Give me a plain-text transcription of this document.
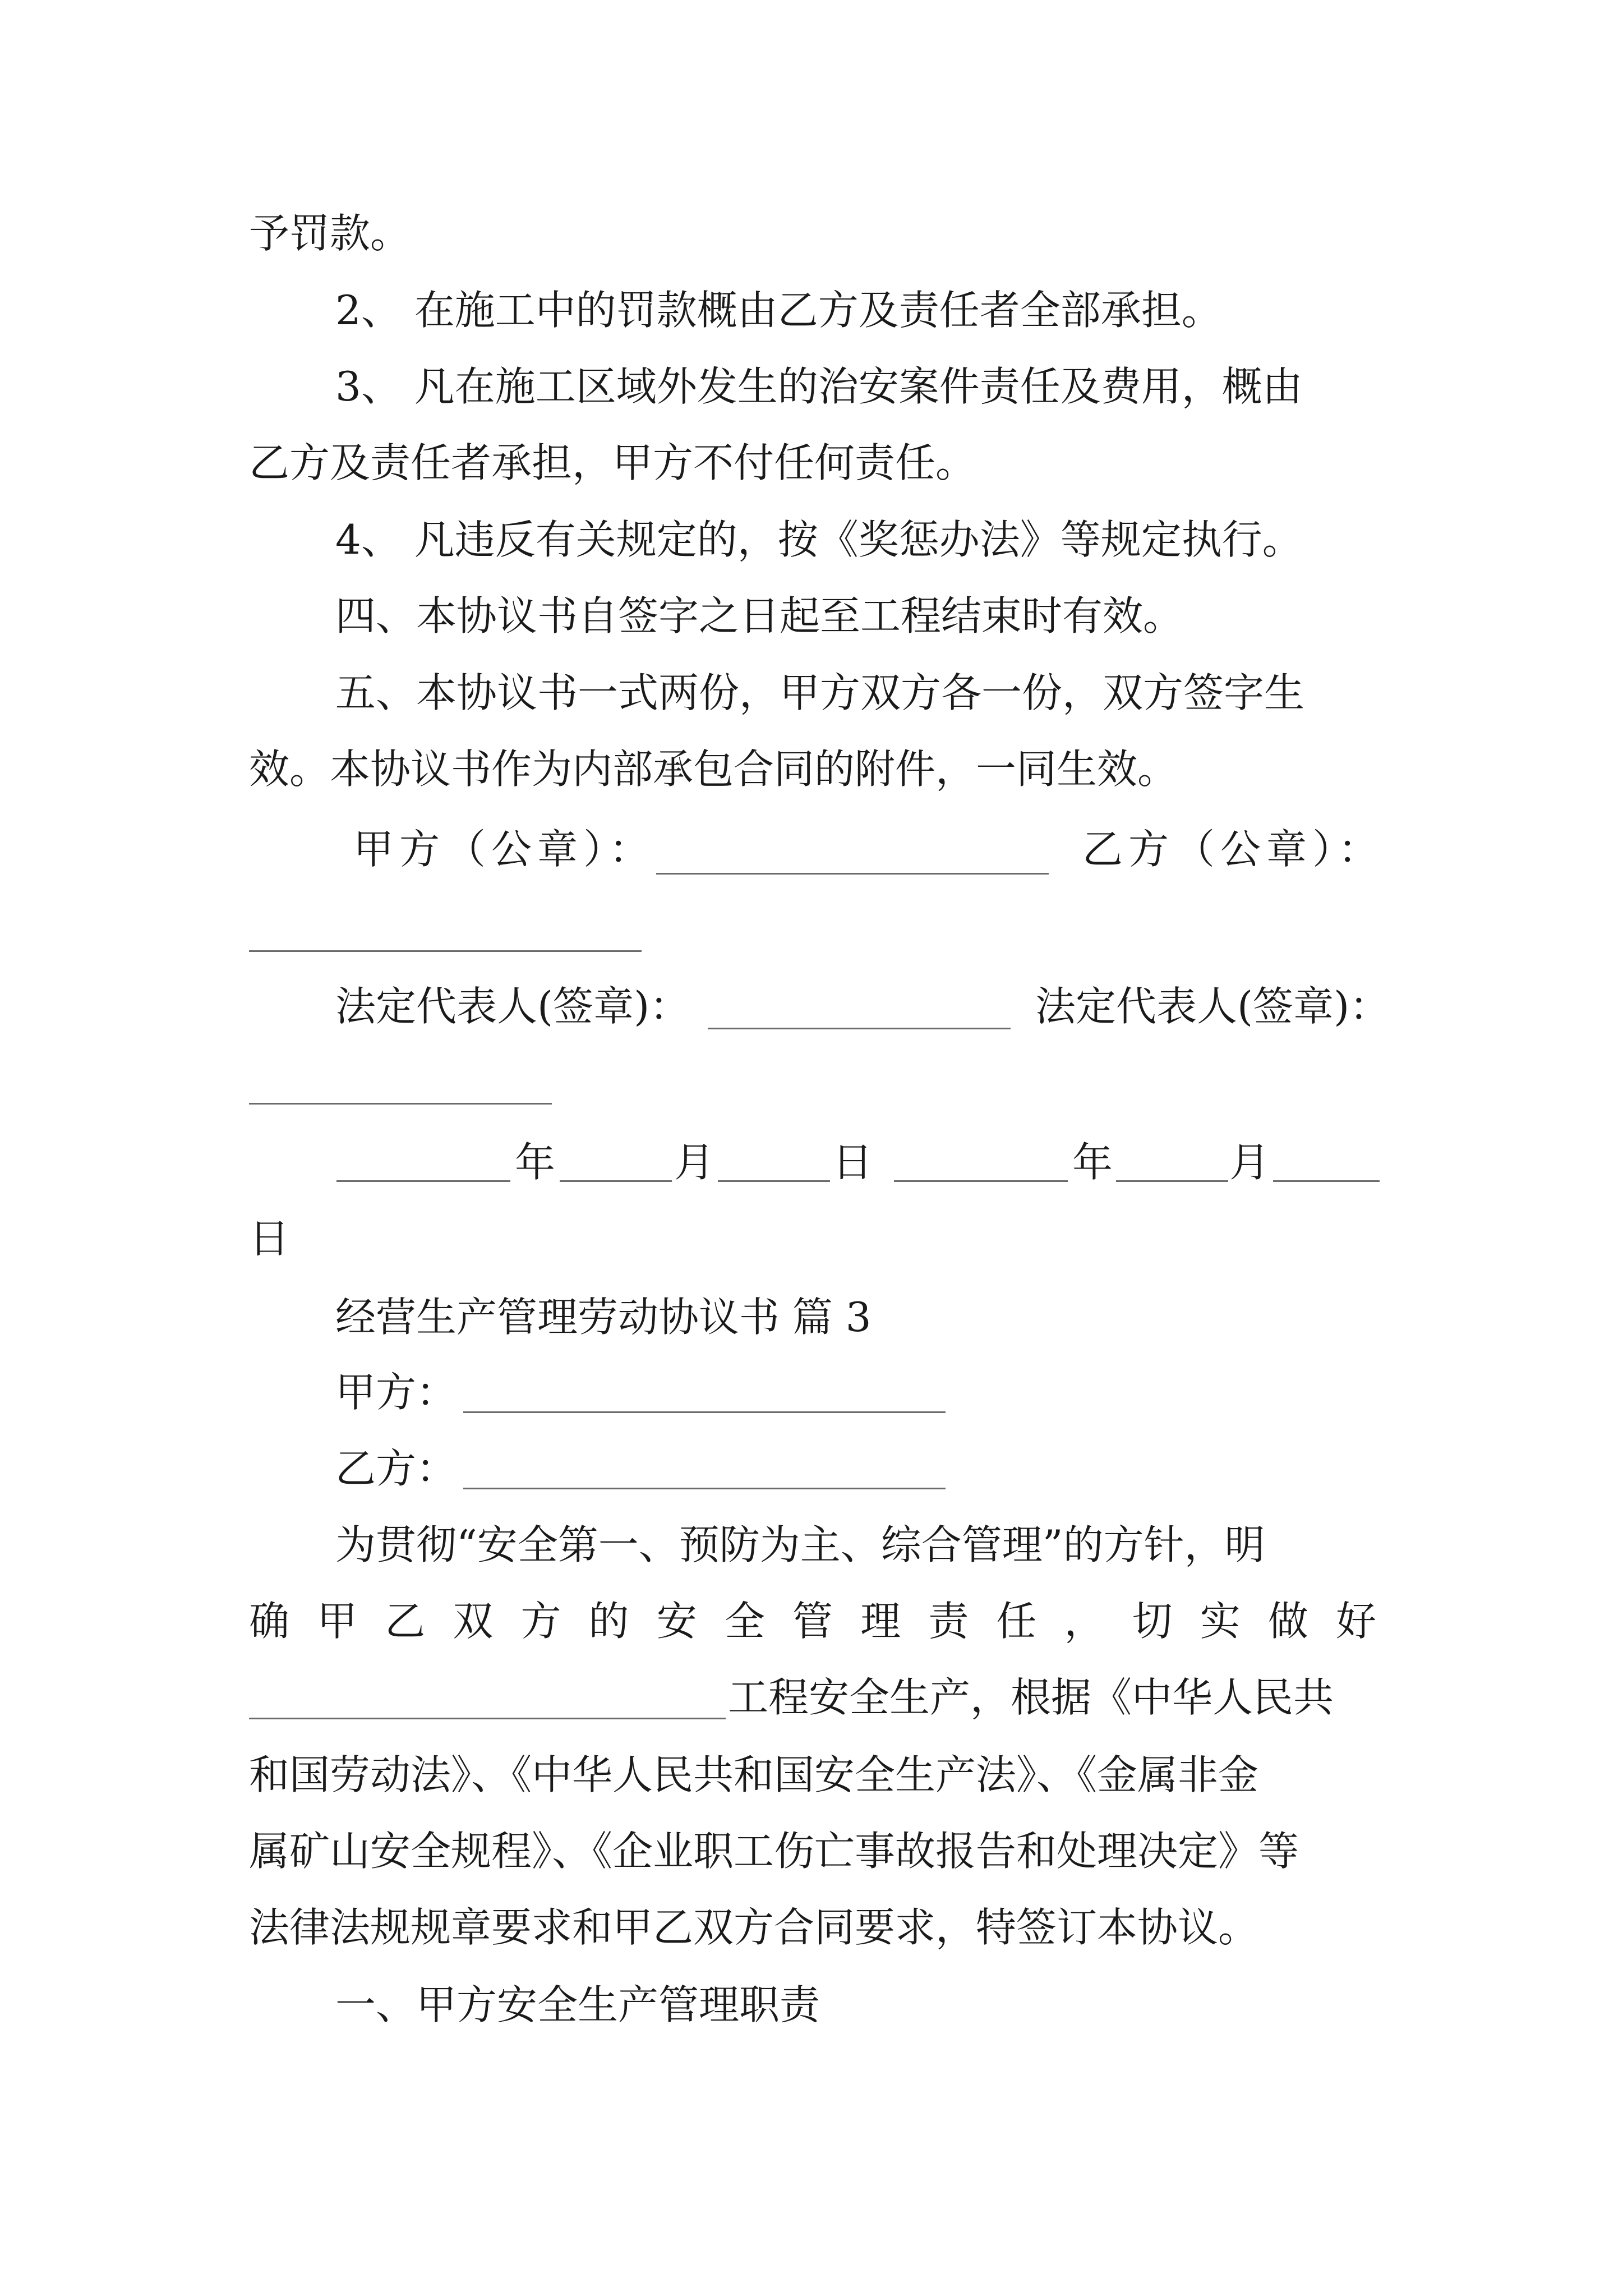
予罚款。
2、 在施工中的罚款概由乙方及责任者全部承担。
3、 凡在施工区域外发生的治安案件责任及费用，概由
乙方及责任者承担，甲方不付任何责任。
4、 凡违反有关规定的，按《奖惩办法》等规定执行。
四、本协议书自签字之日起至工程结束时有效。
五、本协议书一式两份，甲方双方各一份，双方签字生
效。本协议书作为内部承包合同的附件，一同生效。
甲方（公章）：	乙方（公章）：
法定代表人(签章)：	法定代表人(签章)：
年	月	日	年	月
日
经营生产管理劳动协议书 篇 3
甲方：
乙方：
为贯彻“安全第一、预防为主、综合管理”的方针，明
确甲乙双方的安全管理责任，切实做好
工程安全生产，根据《中华人民共
和国劳动法》、《中华人民共和国安全生产法》、《金属非金
属矿山安全规程》、《企业职工伤亡事故报告和处理决定》等
法律法规规章要求和甲乙双方合同要求，特签订本协议。
一、甲方安全生产管理职责
